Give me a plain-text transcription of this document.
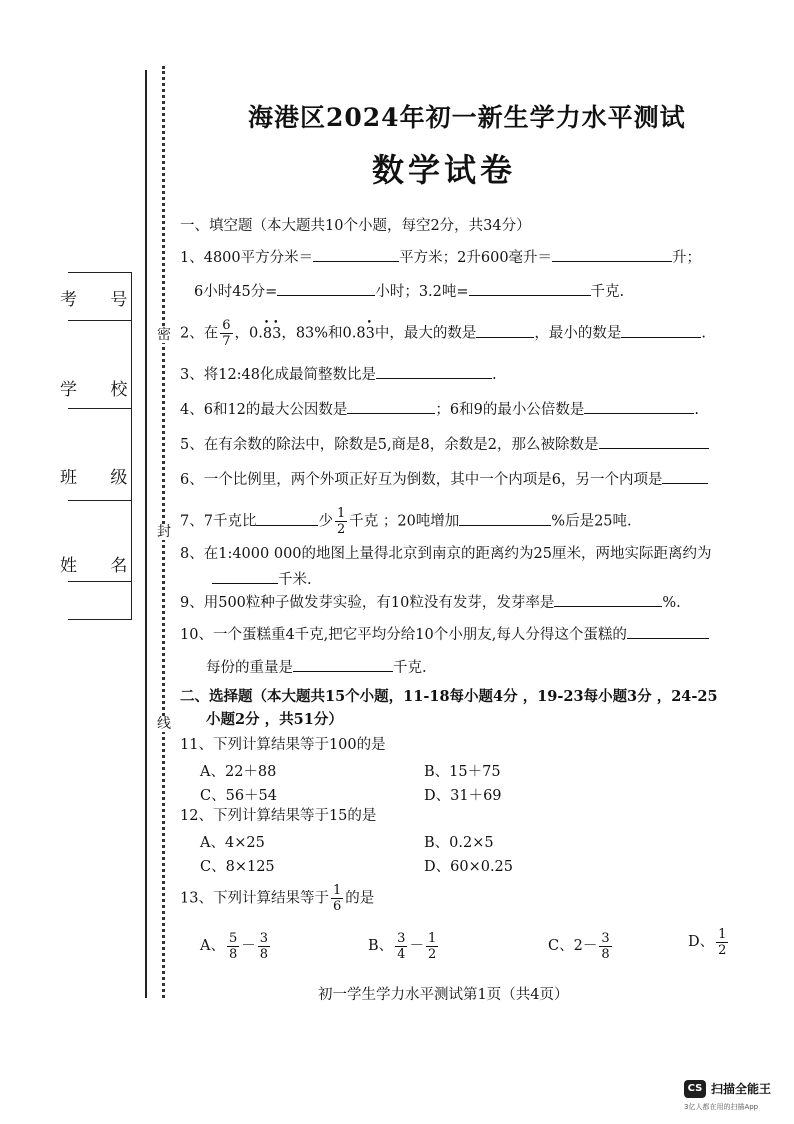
考 号
学 校
班 级
姓 名
密
封
线
海港区2024年初一新生学力水平测试
数学试卷
一、填空题（本大题共10个小题，每空2分，共34分）
1、4800平方分米＝	平方米；2升600毫升＝	升；
6小时45分=	小时；3.2吨=	千克.
2、在 $\frac{6}{7}$ ，0.• 8• 3，83%和0.8• 3中，最大的数是	，最小的数是	.
3、将12:48化成最简整数比是	.
4、6和12的最大公因数是	；6和9的最小公倍数是	.
5、在有余数的除法中，除数是5,商是8，余数是2，那么被除数是
6、一个比例里，两个外项正好互为倒数，其中一个内项是6，另一个内项是
7、7千克比	少 $\frac{1}{2}$ 千克 ；20吨增加	%后是25吨.
8、在1:4000 000的地图上量得北京到南京的距离约为25厘米，两地实际距离约为
千米.
9、用500粒种子做发芽实验，有10粒没有发芽，发芽率是	%.
10、一个蛋糕重4千克,把它平均分给10个小朋友,每人分得这个蛋糕的
每份的重量是	千克.
二、选择题（本大题共15个小题，11-18每小题4分 ，19-23每小题3分 ，24-25
小题2分 ，共51分）
11、下列计算结果等于100的是
A、22＋88	B、15＋75
C、56＋54	D、31＋69
12、下列计算结果等于15的是
A、4×25	B、0.2×5
C、8×125	D、60×0.25
13、下列计算结果等于 $\frac{1}{6}$ 的是
A、 $\frac{5}{8} - \frac{3}{8}$	B、 $\frac{3}{4} - \frac{1}{2}$	C、$2- \frac{3}{8}$	D、 $\frac{1}{2}$
初一学生学力水平测试第1页（共4页）
CS 扫描全能王
3亿人都在用的扫描App
